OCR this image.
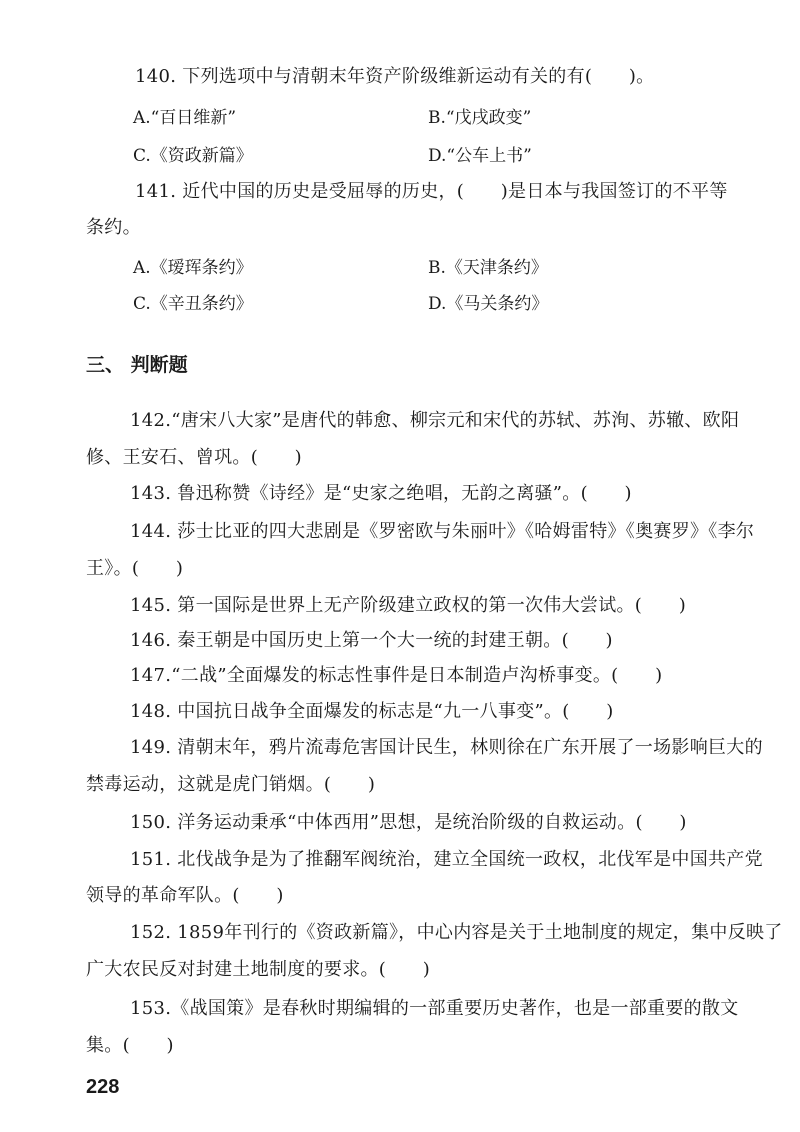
140. 下列选项中与清朝末年资产阶级维新运动有关的有(　　)。
A.“百日维新”	B.“戊戌政变”
C.《资政新篇》	D.“公车上书”
141. 近代中国的历史是受屈辱的历史，(　　)是日本与我国签订的不平等
条约。
A.《瑷珲条约》	B.《天津条约》
C.《辛丑条约》	D.《马关条约》
三、 判断题
142.“唐宋八大家”是唐代的韩愈、柳宗元和宋代的苏轼、苏洵、苏辙、欧阳
修、王安石、曾巩。(　　)
143. 鲁迅称赞《诗经》是“史家之绝唱，无韵之离骚”。(　　)
144. 莎士比亚的四大悲剧是《罗密欧与朱丽叶》《哈姆雷特》《奥赛罗》《李尔
王》。(　　)
145. 第一国际是世界上无产阶级建立政权的第一次伟大尝试。(　　)
146. 秦王朝是中国历史上第一个大一统的封建王朝。(　　)
147.“二战”全面爆发的标志性事件是日本制造卢沟桥事变。(　　)
148. 中国抗日战争全面爆发的标志是“九一八事变”。(　　)
149. 清朝末年，鸦片流毒危害国计民生，林则徐在广东开展了一场影响巨大的
禁毒运动，这就是虎门销烟。(　　)
150. 洋务运动秉承“中体西用”思想，是统治阶级的自救运动。(　　)
151. 北伐战争是为了推翻军阀统治，建立全国统一政权，北伐军是中国共产党
领导的革命军队。(　　)
152. 1859年刊行的《资政新篇》，中心内容是关于土地制度的规定，集中反映了
广大农民反对封建土地制度的要求。(　　)
153.《战国策》是春秋时期编辑的一部重要历史著作，也是一部重要的散文
集。(　　)
228
